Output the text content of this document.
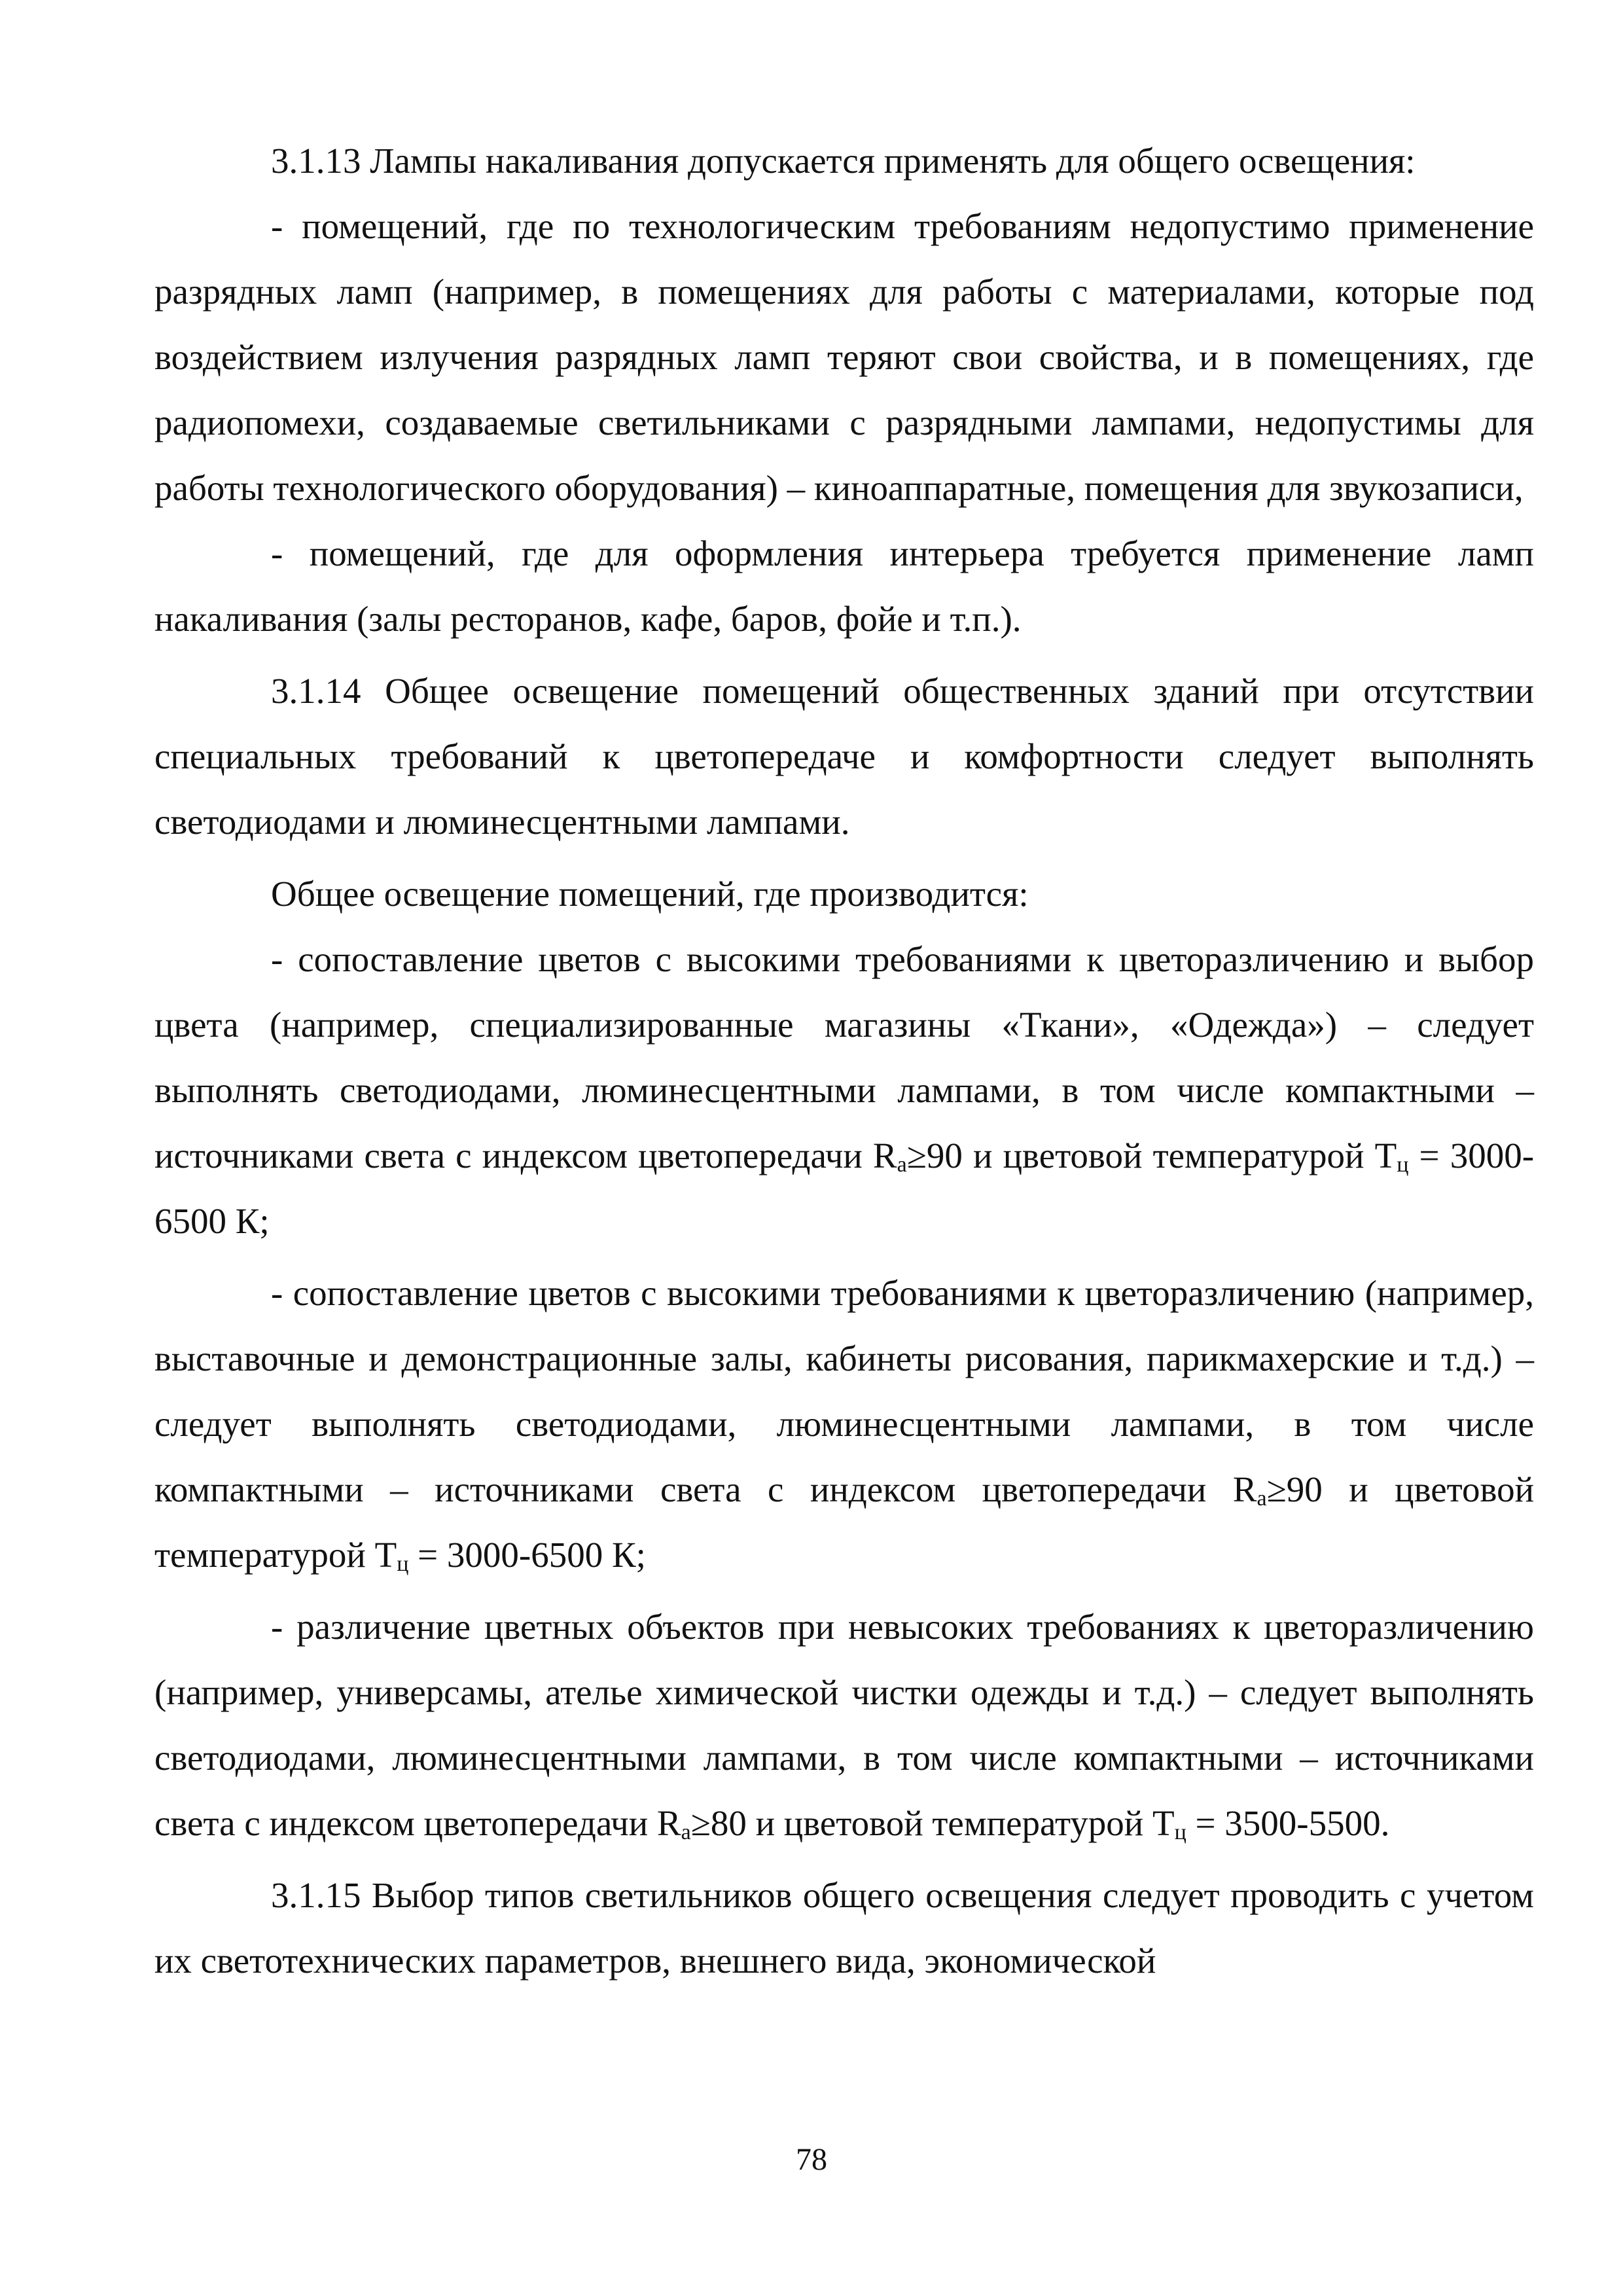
3.1.13 Лампы накаливания допускается применять для общего освещения:

- помещений, где по технологическим требованиям недопустимо применение разрядных ламп (например, в помещениях для работы с материалами, которые под воздействием излучения разрядных ламп теряют свои свойства, и в помещениях, где радиопомехи, создаваемые светильниками с разрядными лампами, недопустимы для работы технологического оборудования) – киноаппаратные, помещения для звукозаписи,

- помещений, где для оформления интерьера требуется применение ламп накаливания (залы ресторанов, кафе, баров, фойе и т.п.).

3.1.14 Общее освещение помещений общественных зданий при отсутствии специальных требований к цветопередаче и комфортности следует выполнять светодиодами и люминесцентными лампами.

Общее освещение помещений, где производится:

- сопоставление цветов с высокими требованиями к цветоразличению и выбор цвета (например, специализированные магазины «Ткани», «Одежда») – следует выполнять светодиодами, люминесцентными лампами, в том числе компактными – источниками света с индексом цветопередачи $R_a\ge 90$ и цветовой температурой $T_ц = 3000-6500$ К;

- сопоставление цветов с высокими требованиями к цветоразличению (например, выставочные и демонстрационные залы, кабинеты рисования, парикмахерские и т.д.) – следует выполнять светодиодами, люминесцентными лампами, в том числе компактными – источниками света с индексом цветопередачи $R_a\ge 90$ и цветовой температурой $T_ц = 3000-6500$ К;

- различение цветных объектов при невысоких требованиях к цветоразличению (например, универсамы, ателье химической чистки одежды и т.д.) – следует выполнять светодиодами, люминесцентными лампами, в том числе компактными – источниками света с индексом цветопередачи $R_a\ge 80$ и цветовой температурой $T_ц = 3500-5500$.

3.1.15 Выбор типов светильников общего освещения следует проводить с учетом их светотехнических параметров, внешнего вида, экономической

78
